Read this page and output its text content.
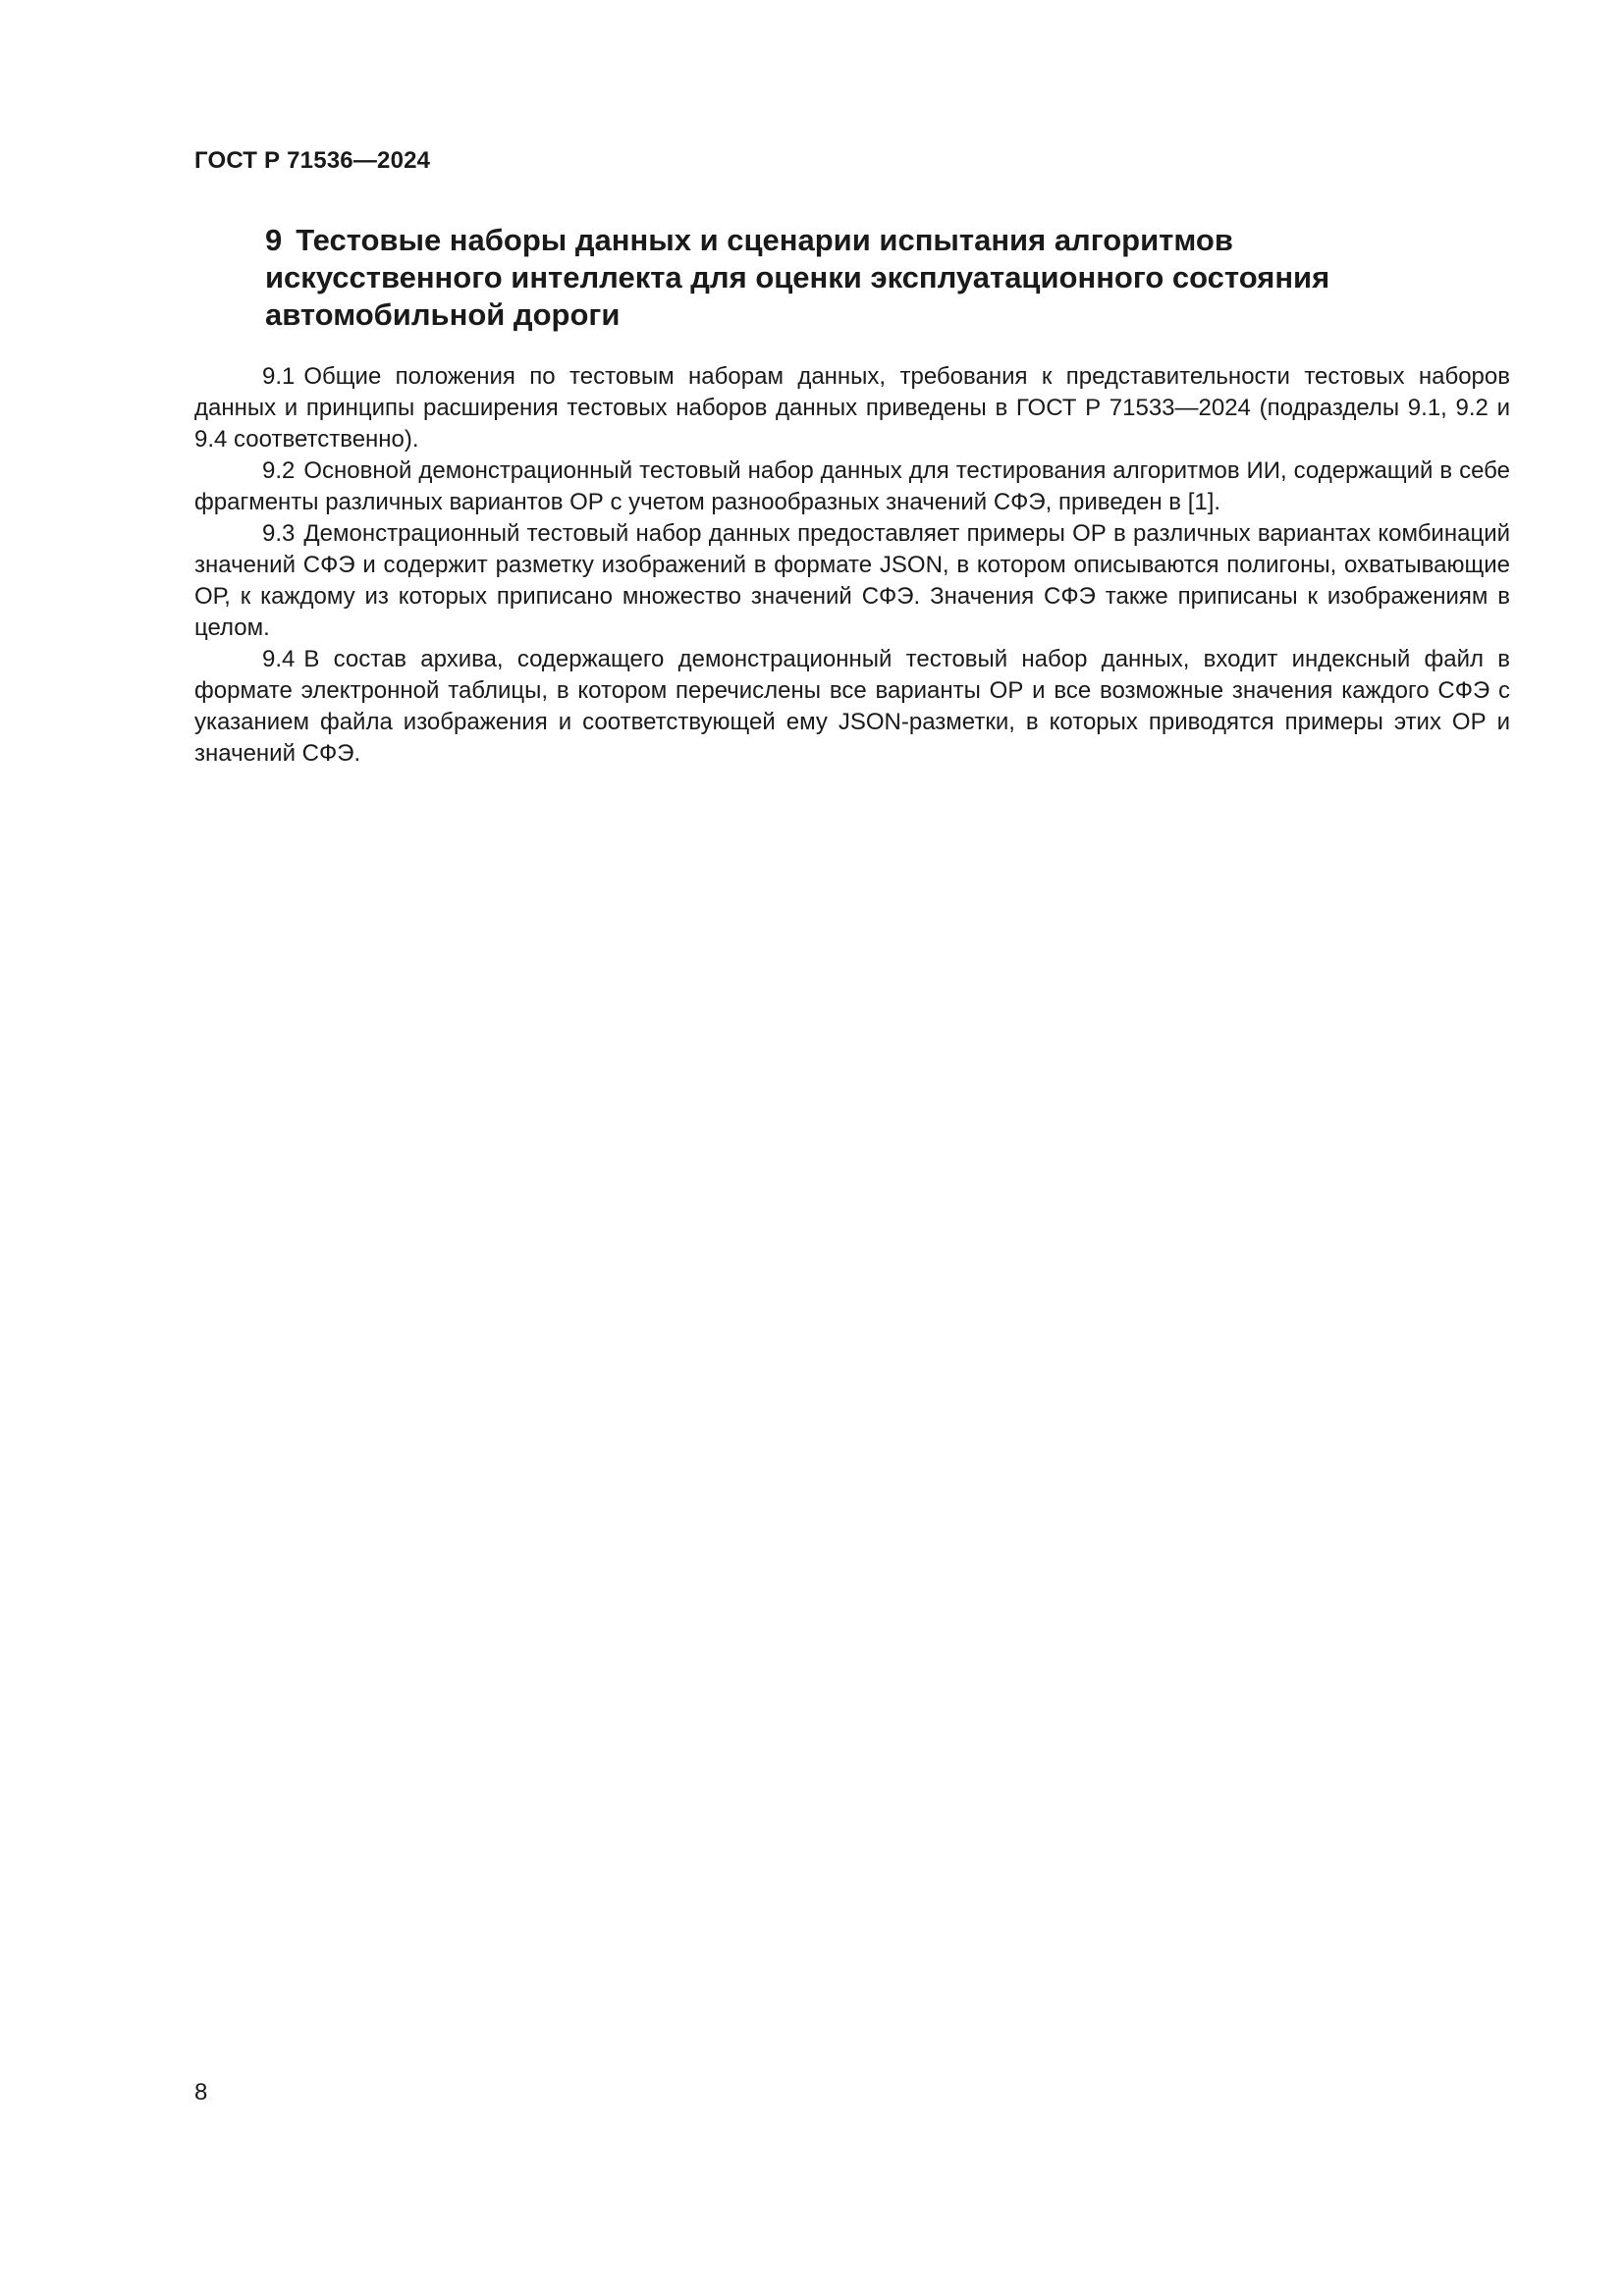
ГОСТ Р 71536—2024
9 Тестовые наборы данных и сценарии испытания алгоритмов
искусственного интеллекта для оценки эксплуатационного состояния
автомобильной дороги

9.1 Общие положения по тестовым наборам данных, требования к представительности тестовых наборов данных и принципы расширения тестовых наборов данных приведены в ГОСТ Р 71533—2024 (подразделы 9.1, 9.2 и 9.4 соответственно).

9.2 Основной демонстрационный тестовый набор данных для тестирования алгоритмов ИИ, содержащий в себе фрагменты различных вариантов ОР с учетом разнообразных значений СФЭ, приведен в [1].

9.3 Демонстрационный тестовый набор данных предоставляет примеры ОР в различных вариантах комбинаций значений СФЭ и содержит разметку изображений в формате JSON, в котором описываются полигоны, охватывающие ОР, к каждому из которых приписано множество значений СФЭ. Значения СФЭ также приписаны к изображениям в целом.

9.4 В состав архива, содержащего демонстрационный тестовый набор данных, входит индексный файл в формате электронной таблицы, в котором перечислены все варианты ОР и все возможные значения каждого СФЭ с указанием файла изображения и соответствующей ему JSON-разметки, в которых приводятся примеры этих ОР и значений СФЭ.

8
